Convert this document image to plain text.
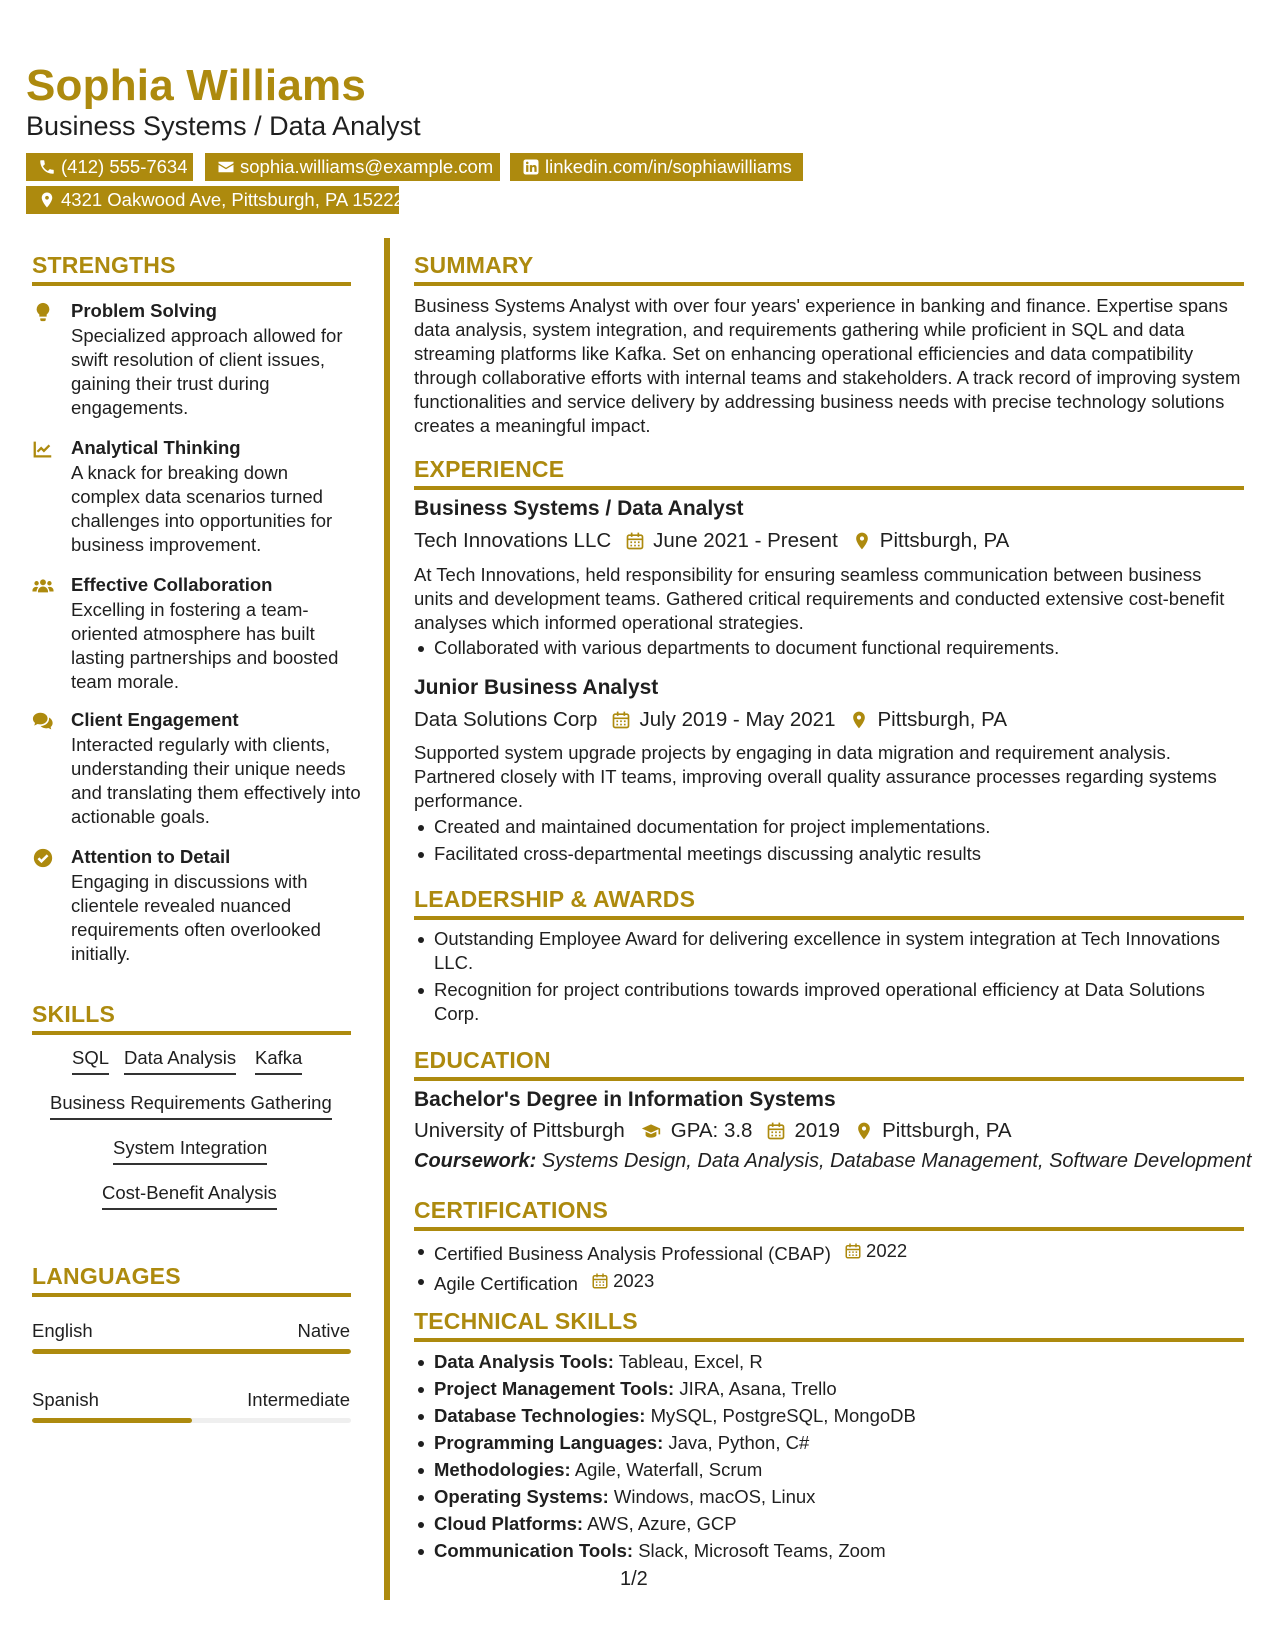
Sophia Williams
Business Systems / Data Analyst
(412) 555-7634	sophia.williams@example.com	linkedin.com/in/sophiawilliams
4321 Oakwood Ave, Pittsburgh, PA 15222
STRENGTHS
Problem Solving
Specialized approach allowed for swift resolution of client issues, gaining their trust during engagements.
Analytical Thinking
A knack for breaking down complex data scenarios turned challenges into opportunities for business improvement.
Effective Collaboration
Excelling in fostering a team-oriented atmosphere has built lasting partnerships and boosted team morale.
Client Engagement
Interacted regularly with clients, understanding their unique needs and translating them effectively into actionable goals.
Attention to Detail
Engaging in discussions with clientele revealed nuanced requirements often overlooked initially.
SKILLS
SQL Data Analysis Kafka
Business Requirements Gathering
System Integration
Cost-Benefit Analysis
LANGUAGES
English	Native
Spanish	Intermediate
SUMMARY
Business Systems Analyst with over four years' experience in banking and finance. Expertise spans data analysis, system integration, and requirements gathering while proficient in SQL and data streaming platforms like Kafka. Set on enhancing operational efficiencies and data compatibility through collaborative efforts with internal teams and stakeholders. A track record of improving system functionalities and service delivery by addressing business needs with precise technology solutions creates a meaningful impact.
EXPERIENCE
Business Systems / Data Analyst
Tech Innovations LLC June 2021 - Present Pittsburgh, PA
At Tech Innovations, held responsibility for ensuring seamless communication between business units and development teams. Gathered critical requirements and conducted extensive cost-benefit analyses which informed operational strategies.
Collaborated with various departments to document functional requirements.
Junior Business Analyst
Data Solutions Corp July 2019 - May 2021 Pittsburgh, PA
Supported system upgrade projects by engaging in data migration and requirement analysis. Partnered closely with IT teams, improving overall quality assurance processes regarding systems performance.
Created and maintained documentation for project implementations.
Facilitated cross-departmental meetings discussing analytic results
LEADERSHIP & AWARDS
Outstanding Employee Award for delivering excellence in system integration at Tech Innovations LLC.
Recognition for project contributions towards improved operational efficiency at Data Solutions Corp.
EDUCATION
Bachelor's Degree in Information Systems
University of Pittsburgh GPA: 3.8 2019 Pittsburgh, PA
Coursework: Systems Design, Data Analysis, Database Management, Software Development
CERTIFICATIONS
Certified Business Analysis Professional (CBAP) 2022
Agile Certification 2023
TECHNICAL SKILLS
Data Analysis Tools: Tableau, Excel, R
Project Management Tools: JIRA, Asana, Trello
Database Technologies: MySQL, PostgreSQL, MongoDB
Programming Languages: Java, Python, C#
Methodologies: Agile, Waterfall, Scrum
Operating Systems: Windows, macOS, Linux
Cloud Platforms: AWS, Azure, GCP
Communication Tools: Slack, Microsoft Teams, Zoom
1/2
